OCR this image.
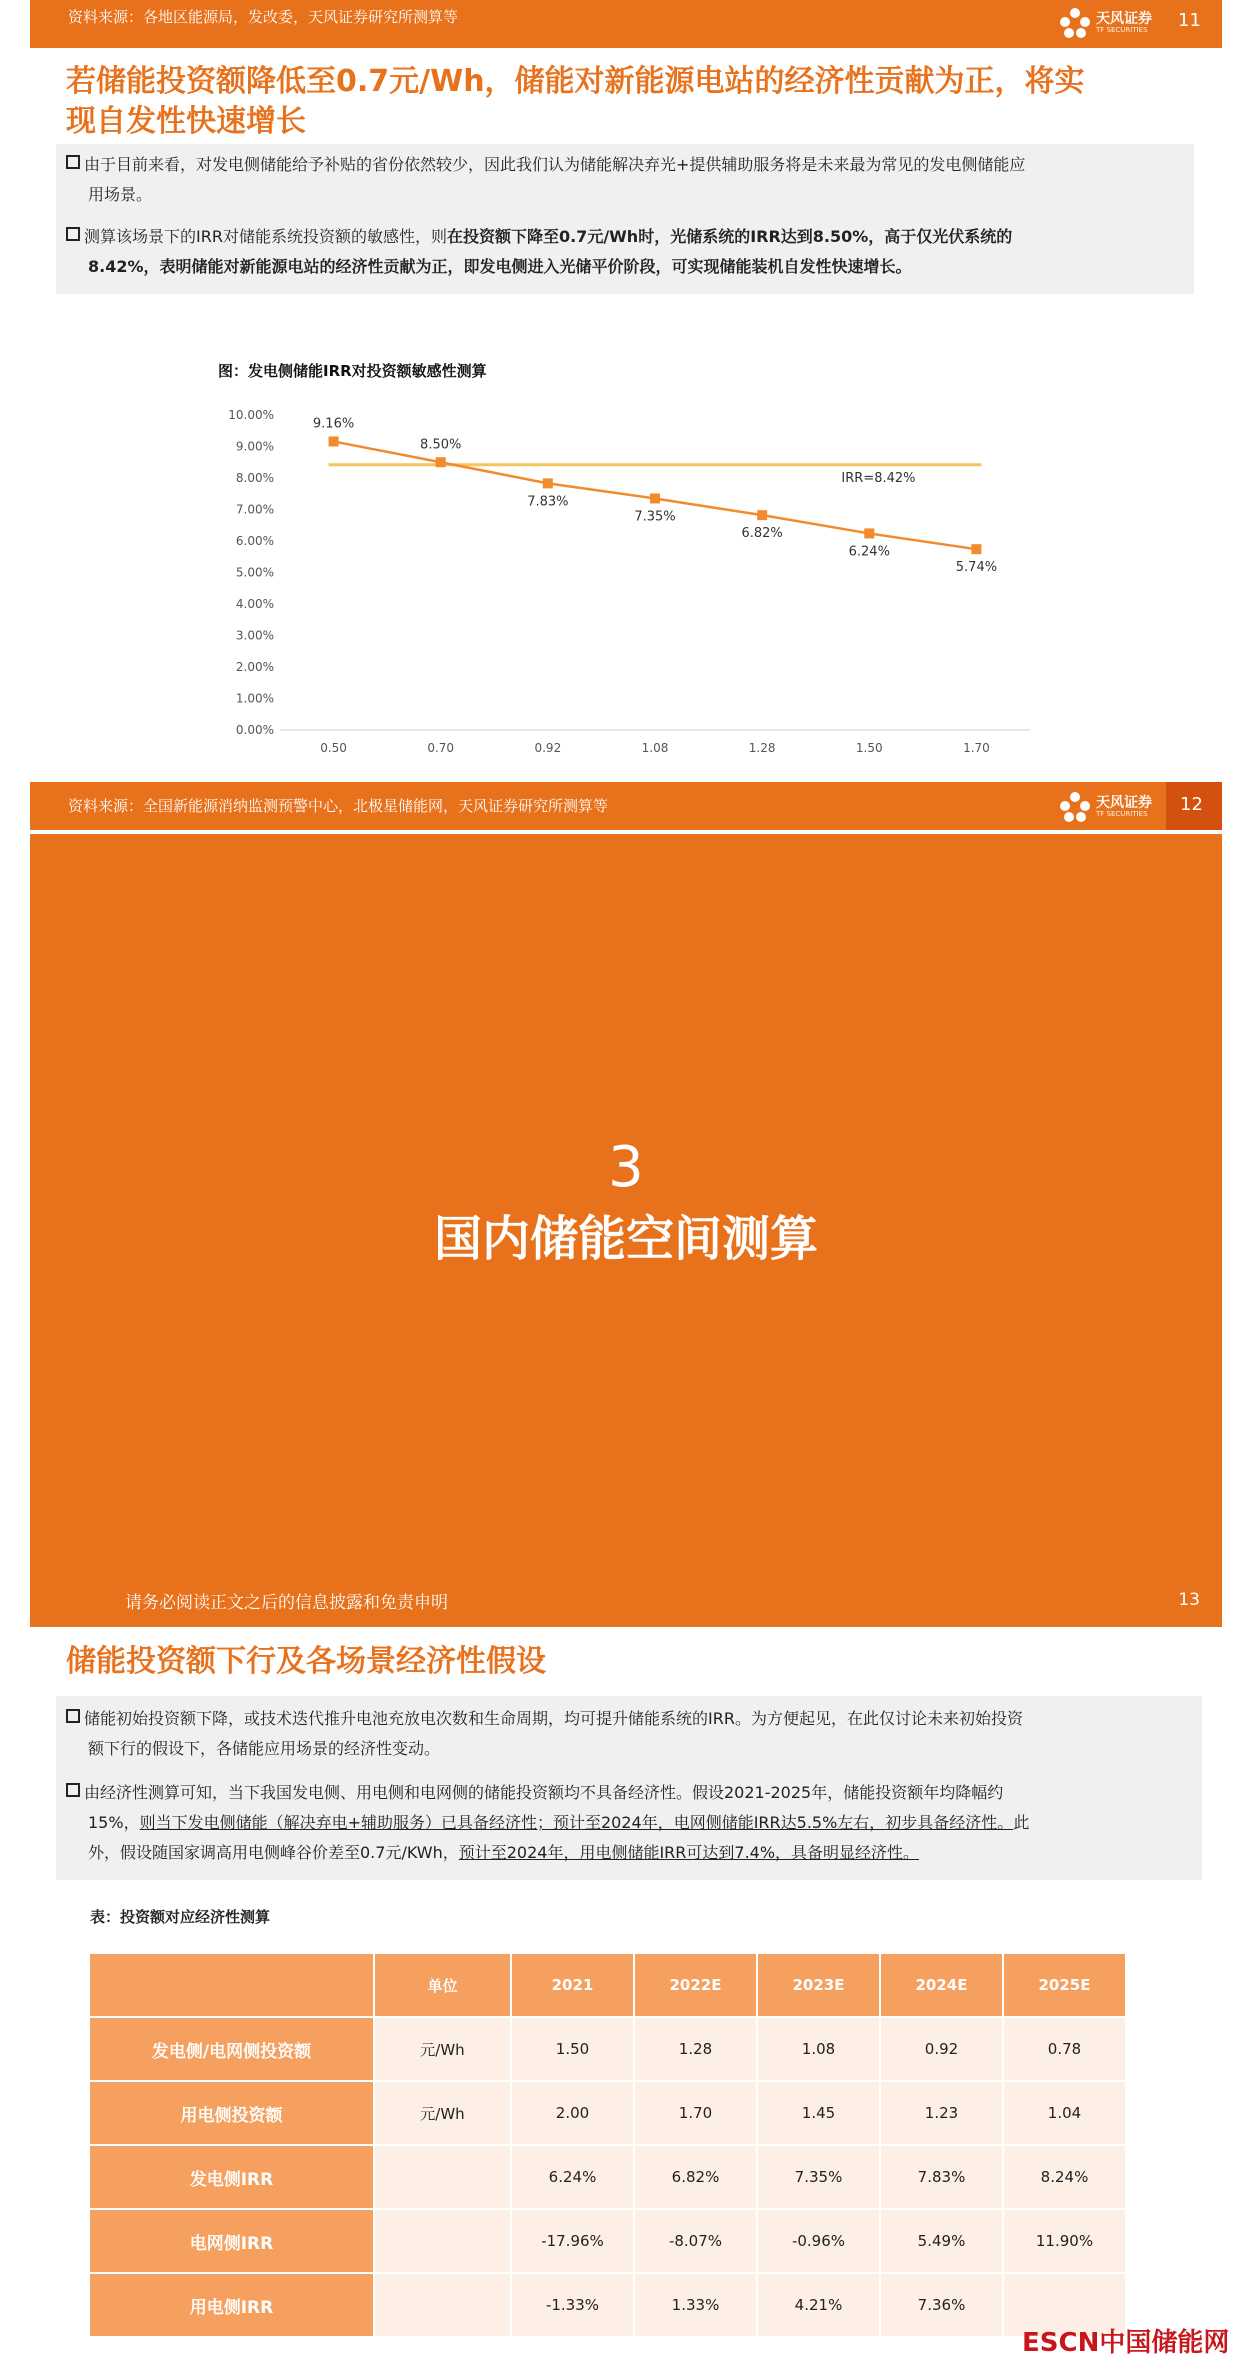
资料来源：各地区能源局，发改委，天风证券研究所测算等	天风证券
TF SECURITIES 11
若储能投资额降低至0.7元/Wh，储能对新能源电站的经济性贡献为正，将实
现自发性快速增长
由于目前来看，对发电侧储能给予补贴的省份依然较少，因此我们认为储能解决弃光+提供辅助服务将是未来最为常见的发电侧储能应
用场景。
测算该场景下的IRR对储能系统投资额的敏感性，则在投资额下降至0.7元/Wh时，光储系统的IRR达到8.50%，高于仅光伏系统的
8.42%，表明储能对新能源电站的经济性贡献为正，即发电侧进入光储平价阶段，可实现储能装机自发性快速增长。
图：发电侧储能IRR对投资额敏感性测算
0.00%
1.00%
2.00%
3.00%
4.00%
5.00%
6.00%
7.00%
8.00%
9.00%
10.00%
0.50	0.70	0.92	1.08	1.28	1.50	1.70
IRR=8.42%
9.16%
8.50%
7.83%
7.35%
6.82%
6.24%
5.74%
资料来源：全国新能源消纳监测预警中心，北极星储能网，天风证券研究所测算等	天风证券
TF SECURITIES 12
3
国内储能空间测算
请务必阅读正文之后的信息披露和免责申明	13
储能投资额下行及各场景经济性假设
储能初始投资额下降，或技术迭代推升电池充放电次数和生命周期，均可提升储能系统的IRR。为方便起见，在此仅讨论未来初始投资
额下行的假设下，各储能应用场景的经济性变动。
由经济性测算可知，当下我国发电侧、用电侧和电网侧的储能投资额均不具备经济性。假设2021-2025年，储能投资额年均降幅约
15%，则当下发电侧储能（解决弃电+辅助服务）已具备经济性；预计至2024年，电网侧储能IRR达5.5%左右，初步具备经济性。此
外，假设随国家调高用电侧峰谷价差至0.7元/KWh，预计至2024年，用电侧储能IRR可达到7.4%，具备明显经济性。
表：投资额对应经济性测算
	单位	2021	2022E	2023E	2024E	2025E
发电侧/电网侧投资额	元/Wh	1.50	1.28	1.08	0.92	0.78
用电侧投资额	元/Wh	2.00	1.70	1.45	1.23	1.04
发电侧IRR		6.24%	6.82%	7.35%	7.83%	8.24%
电网侧IRR		-17.96%	-8.07%	-0.96%	5.49%	11.90%
用电侧IRR		-1.33%	1.33%	4.21%	7.36%	
ESCN中国储能网
